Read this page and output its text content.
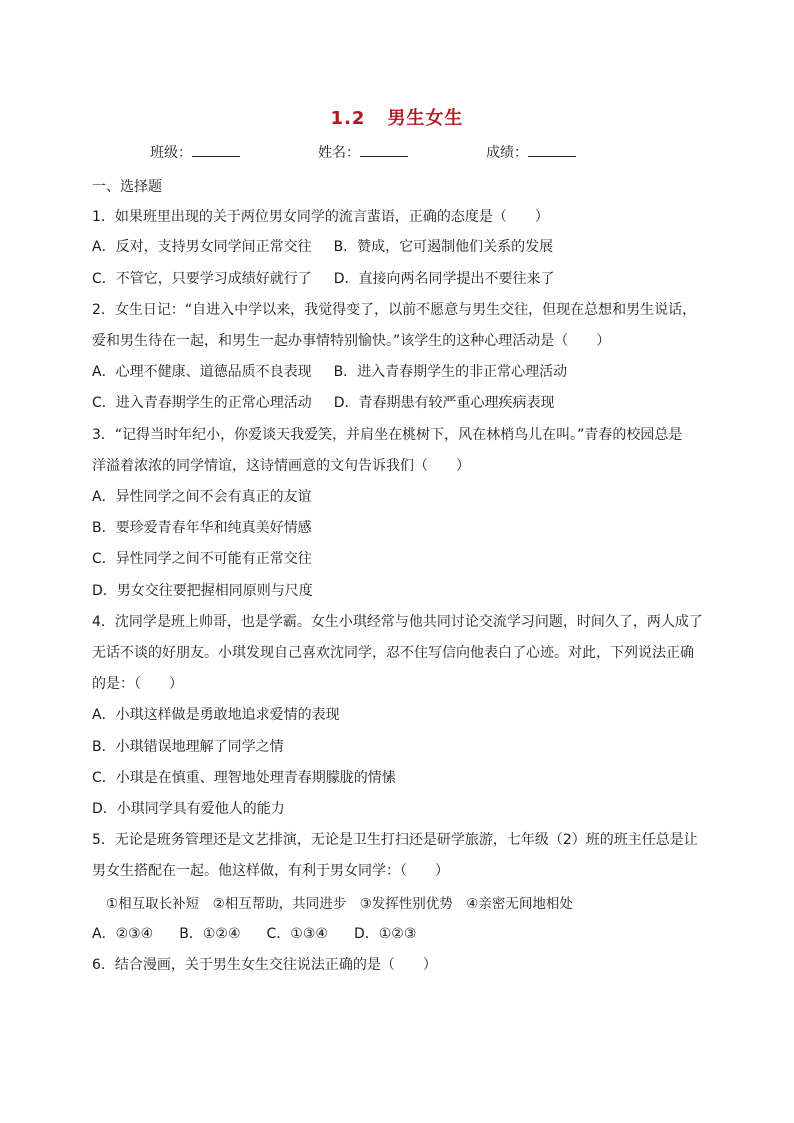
1.2 男生女生
班级：	姓名：	成绩：
一、选择题
1．如果班里出现的关于两位男女同学的流言蜚语，正确的态度是（　　）
A．反对，支持男女同学间正常交往 B．赞成，它可遏制他们关系的发展
C．不管它，只要学习成绩好就行了 D．直接向两名同学提出不要往来了
2．女生日记：“自进入中学以来，我觉得变了，以前不愿意与男生交往，但现在总想和男生说话，
爱和男生待在一起，和男生一起办事情特别愉快。”该学生的这种心理活动是（　　）
A．心理不健康、道德品质不良表现 B．进入青春期学生的非正常心理活动
C．进入青春期学生的正常心理活动 D．青春期患有较严重心理疾病表现
3．“记得当时年纪小，你爱谈天我爱笑，并肩坐在桃树下，风在林梢鸟儿在叫。”青春的校园总是
洋溢着浓浓的同学情谊，这诗情画意的文句告诉我们（　　）
A．异性同学之间不会有真正的友谊
B．要珍爱青春年华和纯真美好情感
C．异性同学之间不可能有正常交往
D．男女交往要把握相同原则与尺度
4．沈同学是班上帅哥，也是学霸。女生小琪经常与他共同讨论交流学习问题，时间久了，两人成了
无话不谈的好朋友。小琪发现自己喜欢沈同学，忍不住写信向他表白了心迹。对此，下列说法正确
的是：（　　）
A．小琪这样做是勇敢地追求爱情的表现
B．小琪错误地理解了同学之情
C．小琪是在慎重、理智地处理青春期朦胧的情愫
D．小琪同学具有爱他人的能力
5．无论是班务管理还是文艺排演，无论是卫生打扫还是研学旅游，七年级（2）班的班主任总是让
男女生搭配在一起。他这样做，有利于男女同学：（　　）
①相互取长补短　②相互帮助，共同进步　③发挥性别优势　④亲密无间地相处
A．②③④ B．①②④ C．①③④ D．①②③
6．结合漫画，关于男生女生交往说法正确的是（　　）
